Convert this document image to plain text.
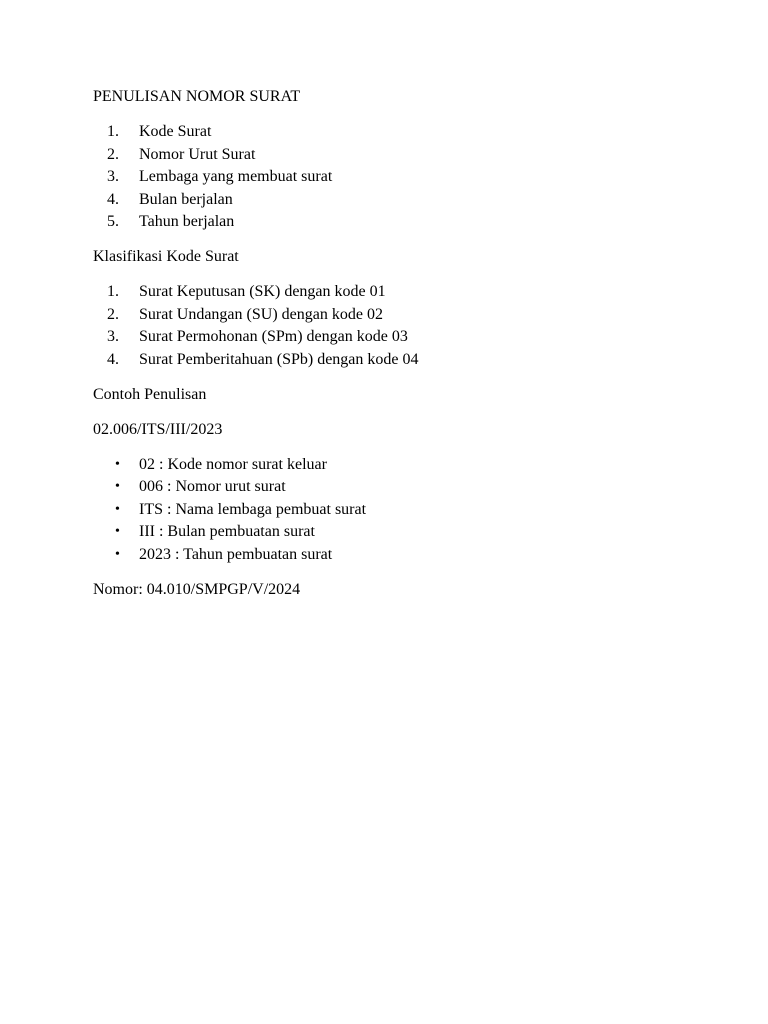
PENULISAN NOMOR SURAT

1.	Kode Surat
2.	Nomor Urut Surat
3.	Lembaga yang membuat surat
4.	Bulan berjalan
5.	Tahun berjalan

Klasifikasi Kode Surat

1.	Surat Keputusan (SK) dengan kode 01
2.	Surat Undangan (SU) dengan kode 02
3.	Surat Permohonan (SPm) dengan kode 03
4.	Surat Pemberitahuan (SPb) dengan kode 04

Contoh Penulisan

02.006/ITS/III/2023

•	02 : Kode nomor surat keluar
•	006 : Nomor urut surat
•	ITS : Nama lembaga pembuat surat
•	III : Bulan pembuatan surat
•	2023 : Tahun pembuatan surat

Nomor: 04.010/SMPGP/V/2024
